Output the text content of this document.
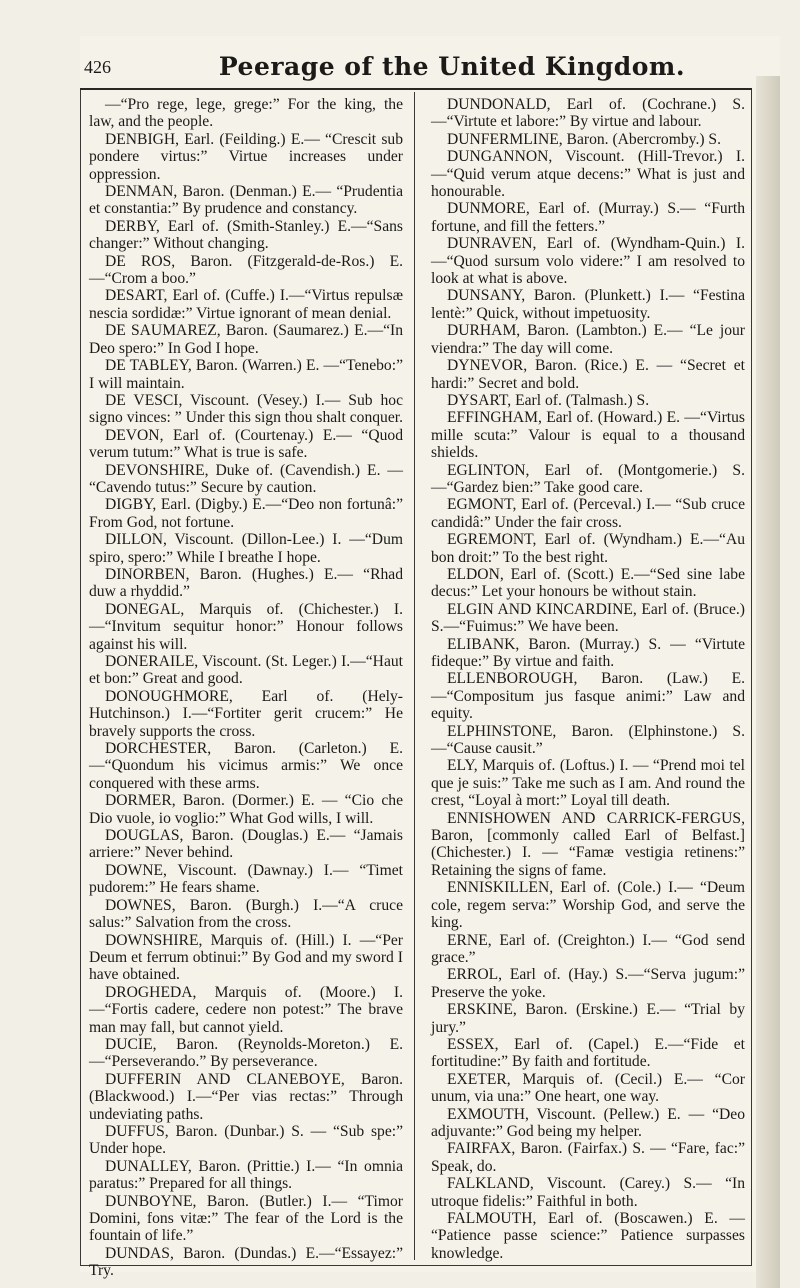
426	Peerage of the United Kingdom.

—“Pro rege, lege, grege:” For the king, the law, and the people.

DENBIGH, Earl. (Feilding.) E.— “Crescit sub pondere virtus:” Virtue increases under oppression.

DENMAN, Baron. (Denman.) E.— “Prudentia et constantia:” By prudence and constancy.

DERBY, Earl of. (Smith-Stanley.) E.—“Sans changer:” Without changing.

DE ROS, Baron. (Fitzgerald-de-Ros.) E.—“Crom a boo.”

DESART, Earl of. (Cuffe.) I.—“Virtus repulsæ nescia sordidæ:” Virtue ignorant of mean denial.

DE SAUMAREZ, Baron. (Saumarez.) E.—“In Deo spero:” In God I hope.

DE TABLEY, Baron. (Warren.) E. —“Tenebo:” I will maintain.

DE VESCI, Viscount. (Vesey.) I.— Sub hoc signo vinces: ” Under this sign thou shalt conquer.

DEVON, Earl of. (Courtenay.) E.— “Quod verum tutum:” What is true is safe.

DEVONSHIRE, Duke of. (Cavendish.) E. — “Cavendo tutus:” Secure by caution.

DIGBY, Earl. (Digby.) E.—“Deo non fortunâ:” From God, not fortune.

DILLON, Viscount. (Dillon-Lee.) I. —“Dum spiro, spero:” While I breathe I hope.

DINORBEN, Baron. (Hughes.) E.— “Rhad duw a rhyddid.”

DONEGAL, Marquis of. (Chichester.) I.—“Invitum sequitur honor:” Honour follows against his will.

DONERAILE, Viscount. (St. Leger.) I.—“Haut et bon:” Great and good.

DONOUGHMORE, Earl of. (Hely-Hutchinson.) I.—“Fortiter gerit crucem:” He bravely supports the cross.

DORCHESTER, Baron. (Carleton.) E.—“Quondum his vicimus armis:” We once conquered with these arms.

DORMER, Baron. (Dormer.) E. — “Cio che Dio vuole, io voglio:” What God wills, I will.

DOUGLAS, Baron. (Douglas.) E.— “Jamais arriere:” Never behind.

DOWNE, Viscount. (Dawnay.) I.— “Timet pudorem:” He fears shame.

DOWNES, Baron. (Burgh.) I.—“A cruce salus:” Salvation from the cross.

DOWNSHIRE, Marquis of. (Hill.) I. —“Per Deum et ferrum obtinui:” By God and my sword I have obtained.

DROGHEDA, Marquis of. (Moore.) I.—“Fortis cadere, cedere non potest:” The brave man may fall, but cannot yield.

DUCIE, Baron. (Reynolds-Moreton.) E.—“Perseverando.” By perseverance.

DUFFERIN AND CLANEBOYE, Baron. (Blackwood.) I.—“Per vias rectas:” Through undeviating paths.

DUFFUS, Baron. (Dunbar.) S. — “Sub spe:” Under hope.

DUNALLEY, Baron. (Prittie.) I.— “In omnia paratus:” Prepared for all things.

DUNBOYNE, Baron. (Butler.) I.— “Timor Domini, fons vitæ:” The fear of the Lord is the fountain of life.”

DUNDAS, Baron. (Dundas.) E.—“Essayez:” Try.

DUNDONALD, Earl of. (Cochrane.) S.—“Virtute et labore:” By virtue and labour.

DUNFERMLINE, Baron. (Abercromby.) S.

DUNGANNON, Viscount. (Hill-Trevor.) I.—“Quid verum atque decens:” What is just and honourable.

DUNMORE, Earl of. (Murray.) S.— “Furth fortune, and fill the fetters.”

DUNRAVEN, Earl of. (Wyndham-Quin.) I.—“Quod sursum volo videre:” I am resolved to look at what is above.

DUNSANY, Baron. (Plunkett.) I.— “Festina lentè:” Quick, without impetuosity.

DURHAM, Baron. (Lambton.) E.— “Le jour viendra:” The day will come.

DYNEVOR, Baron. (Rice.) E. — “Secret et hardi:” Secret and bold.

DYSART, Earl of. (Talmash.) S.

EFFINGHAM, Earl of. (Howard.) E. —“Virtus mille scuta:” Valour is equal to a thousand shields.

EGLINTON, Earl of. (Montgomerie.) S.—“Gardez bien:” Take good care.

EGMONT, Earl of. (Perceval.) I.— “Sub cruce candidâ:” Under the fair cross.

EGREMONT, Earl of. (Wyndham.) E.—“Au bon droit:” To the best right.

ELDON, Earl of. (Scott.) E.—“Sed sine labe decus:” Let your honours be without stain.

ELGIN AND KINCARDINE, Earl of. (Bruce.) S.—“Fuimus:” We have been.

ELIBANK, Baron. (Murray.) S. — “Virtute fideque:” By virtue and faith.

ELLENBOROUGH, Baron. (Law.) E. —“Compositum jus fasque animi:” Law and equity.

ELPHINSTONE, Baron. (Elphinstone.) S.—“Cause causit.”

ELY, Marquis of. (Loftus.) I. — “Prend moi tel que je suis:” Take me such as I am. And round the crest, “Loyal à mort:” Loyal till death.

ENNISHOWEN AND CARRICK-FERGUS, Baron, [commonly called Earl of Belfast.] (Chichester.) I. — “Famæ vestigia retinens:” Retaining the signs of fame.

ENNISKILLEN, Earl of. (Cole.) I.— “Deum cole, regem serva:” Worship God, and serve the king.

ERNE, Earl of. (Creighton.) I.— “God send grace.”

ERROL, Earl of. (Hay.) S.—“Serva jugum:” Preserve the yoke.

ERSKINE, Baron. (Erskine.) E.— “Trial by jury.”

ESSEX, Earl of. (Capel.) E.—“Fide et fortitudine:” By faith and fortitude.

EXETER, Marquis of. (Cecil.) E.— “Cor unum, via una:” One heart, one way.

EXMOUTH, Viscount. (Pellew.) E. — “Deo adjuvante:” God being my helper.

FAIRFAX, Baron. (Fairfax.) S. — “Fare, fac:” Speak, do.

FALKLAND, Viscount. (Carey.) S.— “In utroque fidelis:” Faithful in both.

FALMOUTH, Earl of. (Boscawen.) E. — “Patience passe science:” Patience surpasses knowledge.
